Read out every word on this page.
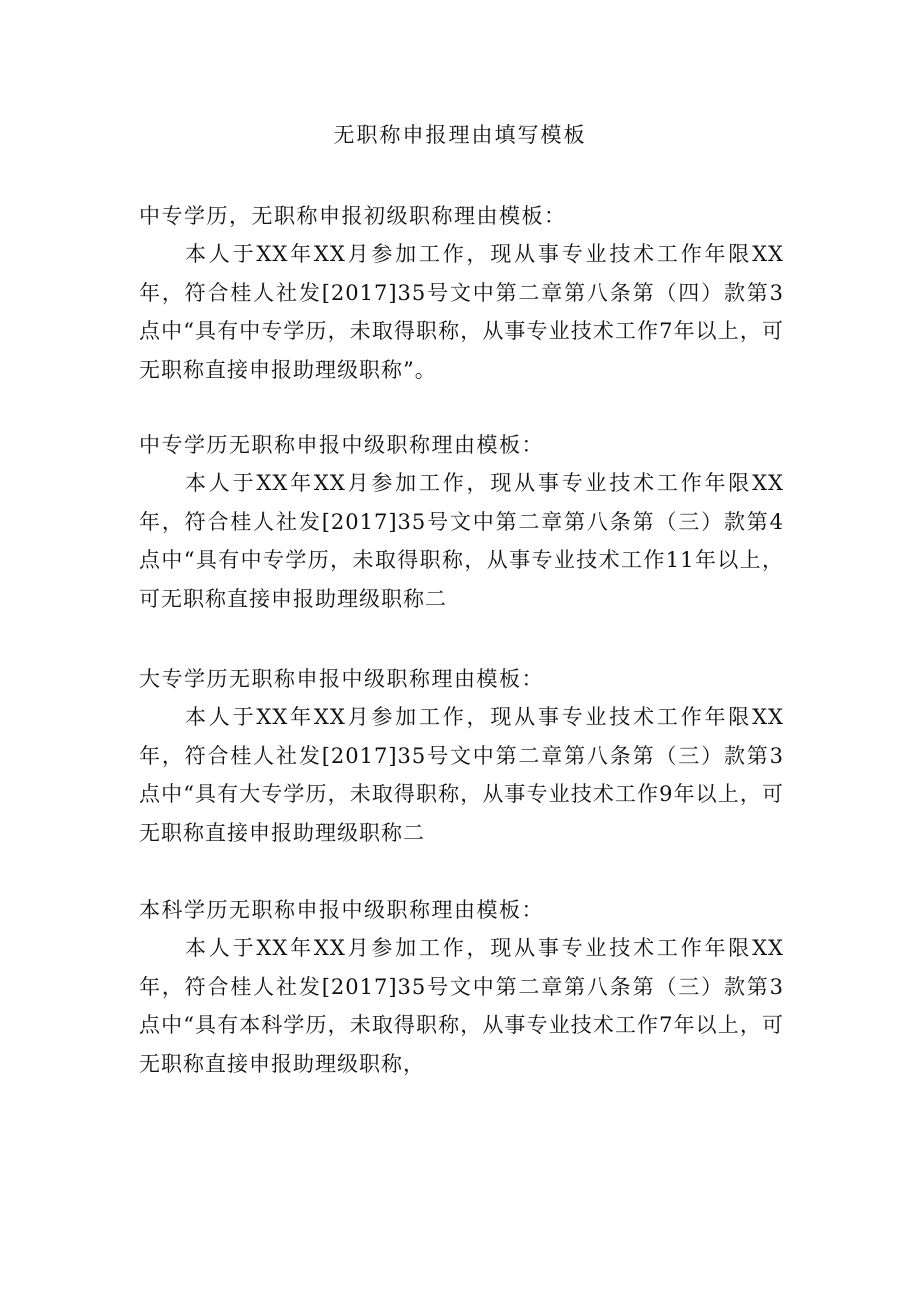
无职称申报理由填写模板

中专学历，无职称申报初级职称理由模板：

本人于XX年XX月参加工作，现从事专业技术工作年限XX年，符合桂人社发[2017]35号文中第二章第八条第（四）款第3点中“具有中专学历，未取得职称，从事专业技术工作7年以上，可无职称直接申报助理级职称”。

中专学历无职称申报中级职称理由模板：

本人于XX年XX月参加工作，现从事专业技术工作年限XX年，符合桂人社发[2017]35号文中第二章第八条第（三）款第4点中“具有中专学历，未取得职称，从事专业技术工作11年以上，可无职称直接申报助理级职称二

大专学历无职称申报中级职称理由模板：

本人于XX年XX月参加工作，现从事专业技术工作年限XX年，符合桂人社发[2017]35号文中第二章第八条第（三）款第3点中“具有大专学历，未取得职称，从事专业技术工作9年以上，可无职称直接申报助理级职称二

本科学历无职称申报中级职称理由模板：

本人于XX年XX月参加工作，现从事专业技术工作年限XX年，符合桂人社发[2017]35号文中第二章第八条第（三）款第3点中“具有本科学历，未取得职称，从事专业技术工作7年以上，可无职称直接申报助理级职称，
